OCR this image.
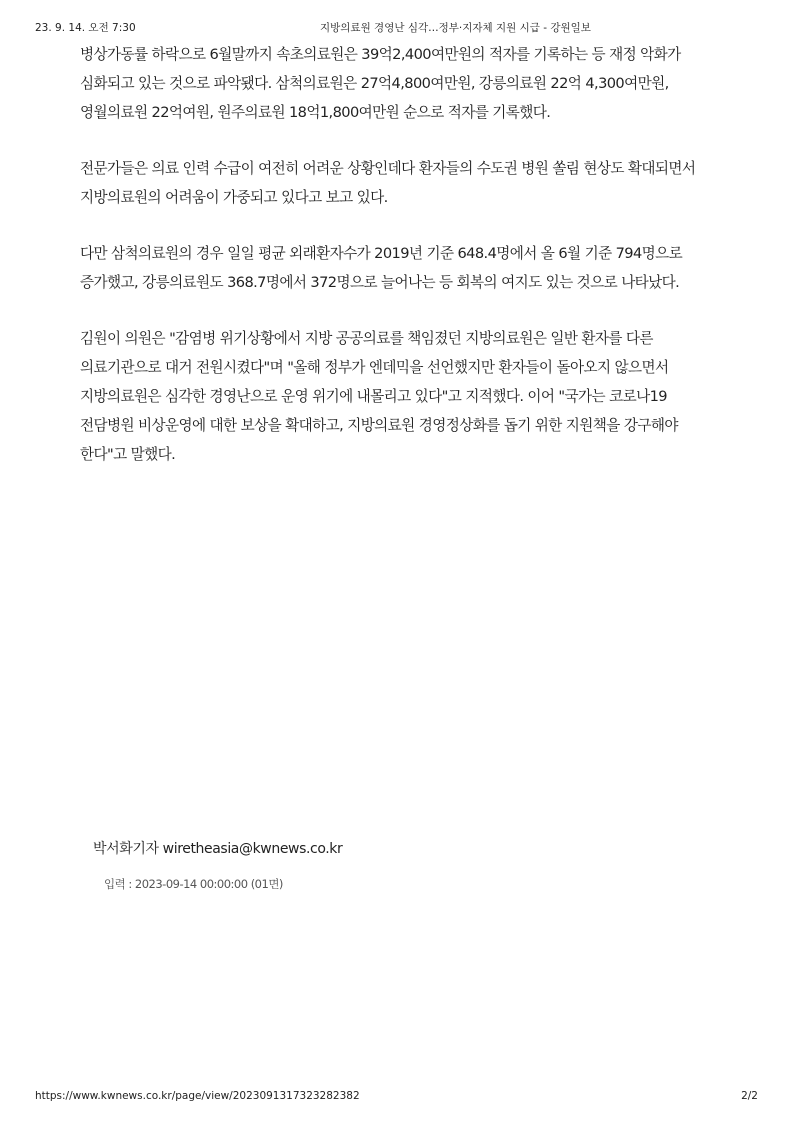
23. 9. 14. 오전 7:30	지방의료원 경영난 심각…정부·지자체 지원 시급 - 강원일보

병상가동률 하락으로 6월말까지 속초의료원은 39억2,400여만원의 적자를 기록하는 등 재정 악화가 심화되고 있는 것으로 파악됐다. 삼척의료원은 27억4,800여만원, 강릉의료원 22억 4,300여만원, 영월의료원 22억여원, 원주의료원 18억1,800여만원 순으로 적자를 기록했다.

전문가들은 의료 인력 수급이 여전히 어려운 상황인데다 환자들의 수도권 병원 쏠림 현상도 확대되면서 지방의료원의 어려움이 가중되고 있다고 보고 있다.

다만 삼척의료원의 경우 일일 평균 외래환자수가 2019년 기준 648.4명에서 올 6월 기준 794명으로 증가했고, 강릉의료원도 368.7명에서 372명으로 늘어나는 등 회복의 여지도 있는 것으로 나타났다.

김원이 의원은 "감염병 위기상황에서 지방 공공의료를 책임졌던 지방의료원은 일반 환자를 다른 의료기관으로 대거 전원시켰다"며 "올해 정부가 엔데믹을 선언했지만 환자들이 돌아오지 않으면서 지방의료원은 심각한 경영난으로 운영 위기에 내몰리고 있다"고 지적했다. 이어 "국가는 코로나19 전담병원 비상운영에 대한 보상을 확대하고, 지방의료원 경영정상화를 돕기 위한 지원책을 강구해야 한다"고 말했다.

박서화기자 wiretheasia@kwnews.co.kr
입력 : 2023-09-14 00:00:00 (01면)
https://www.kwnews.co.kr/page/view/2023091317323282382	2/2
